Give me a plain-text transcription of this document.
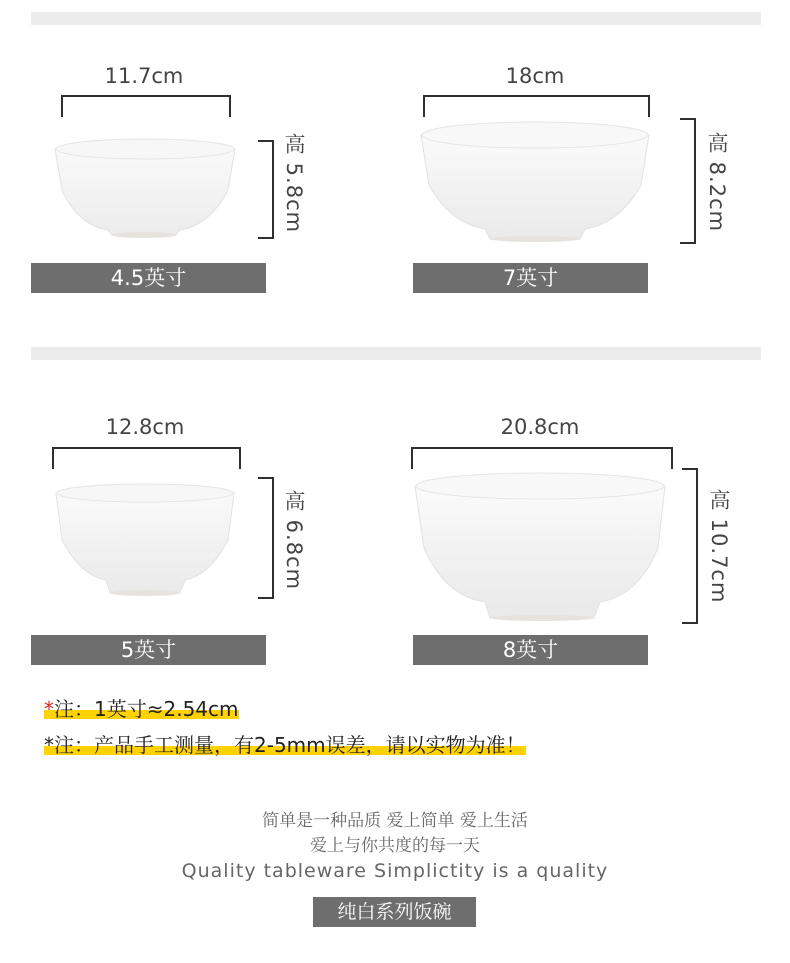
11.7cm
高 5.8cm
4.5英寸
18cm
高 8.2cm
7英寸
12.8cm
高 6.8cm
5英寸
20.8cm
高 10.7cm
8英寸
*注：1英寸≈2.54cm
*注：产品手工测量，有2-5mm误差，请以实物为准！
简单是一种品质 爱上简单 爱上生活
爱上与你共度的每一天
Quality tableware Simplictity is a quality
纯白系列饭碗
